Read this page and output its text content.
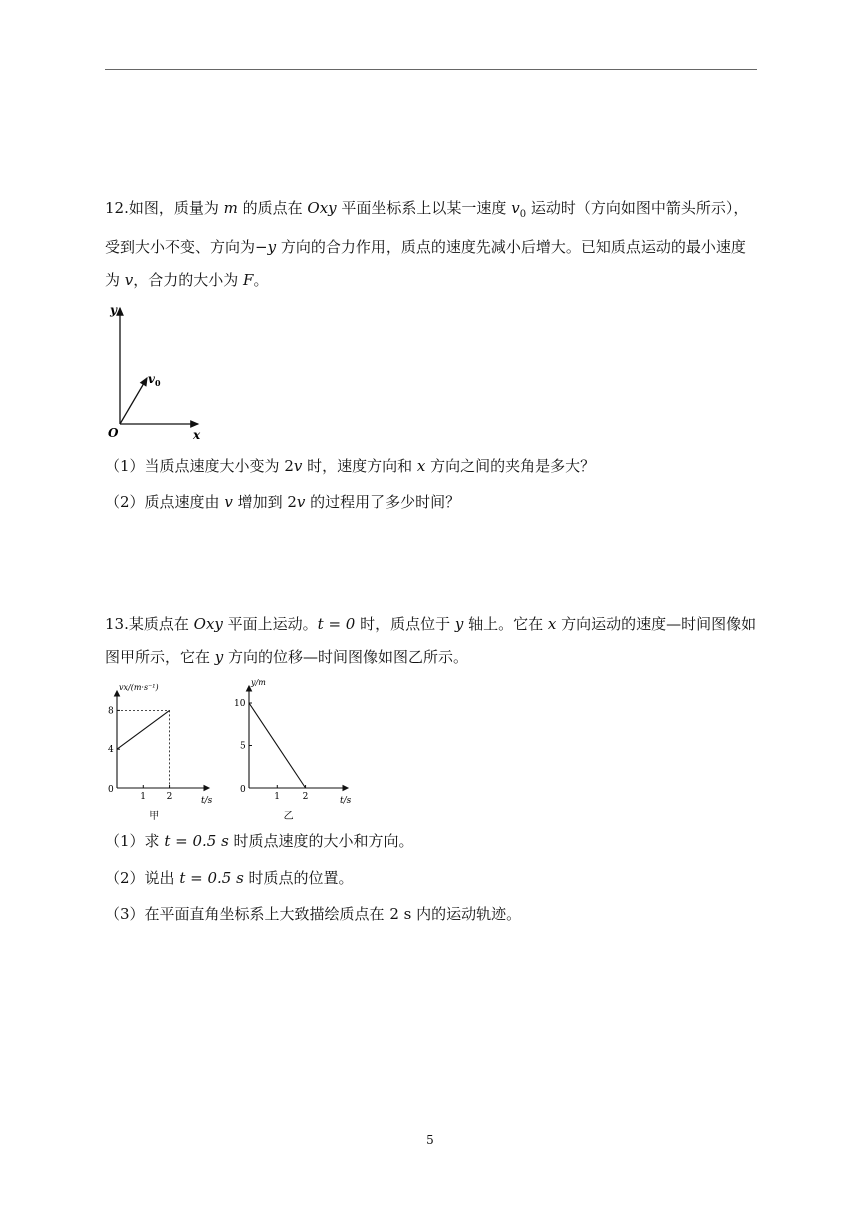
12.如图，质量为 m 的质点在 Oxy 平面坐标系上以某一速度 $v_0$ 运动时（方向如图中箭头所示），受到大小不变、方向为−y 方向的合力作用，质点的速度先减小后增大。已知质点运动的最小速度为 v，合力的大小为 F。

y
x
O
v 0

（1）当质点速度大小变为 2v 时，速度方向和 x 方向之间的夹角是多大？

（2）质点速度由 v 增加到 2v 的过程用了多少时间？

13.某质点在 Oxy 平面上运动。t = 0 时，质点位于 y 轴上。它在 x 方向运动的速度—时间图像如图甲所示，它在 y 方向的位移—时间图像如图乙所示。

0
1 2
4
8
vx/(m·s⁻¹)
t/s
甲
0
1	2
5
10
y/m
t/s
乙

（1）求 t = 0.5 s 时质点速度的大小和方向。

（2）说出 t = 0.5 s 时质点的位置。

（3）在平面直角坐标系上大致描绘质点在 2 s 内的运动轨迹。

5
